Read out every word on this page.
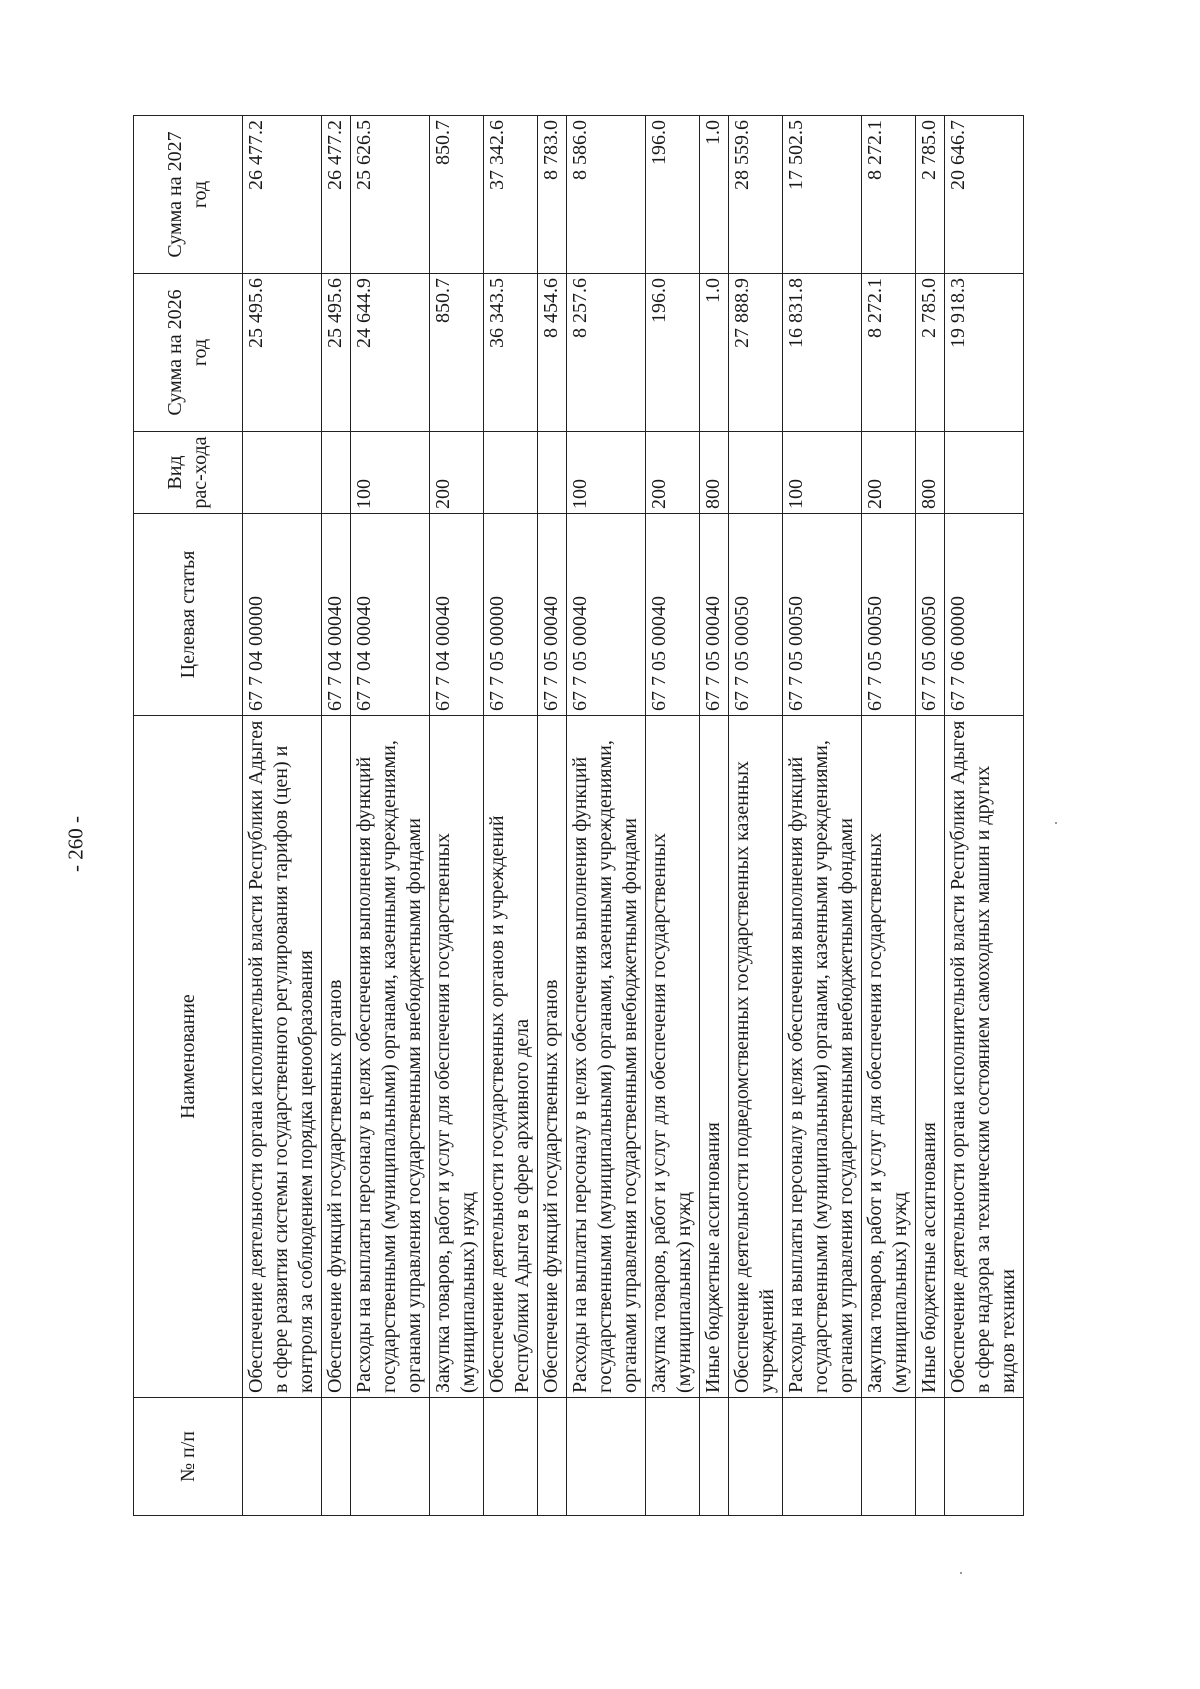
- 260 -
№ п/п	Наименование	Целевая статья	Вид рас-хода	Сумма на 2026 год	Сумма на 2027 год
	Обеспечение деятельности органа исполнительной власти Республики Адыгея в сфере развития системы государственного регулирования тарифов (цен) и контроля за соблюдением порядка ценообразования	67 7 04 00000		25 495.6	26 477.2
	Обеспечение функций государственных органов	67 7 04 00040		25 495.6	26 477.2
	Расходы на выплаты персоналу в целях обеспечения выполнения функций государственными (муниципальными) органами, казенными учреждениями, органами управления государственными внебюджетными фондами	67 7 04 00040	100	24 644.9	25 626.5
	Закупка товаров, работ и услуг для обеспечения государственных (муниципальных) нужд	67 7 04 00040	200	850.7	850.7
	Обеспечение деятельности государственных органов и учреждений Республики Адыгея в сфере архивного дела	67 7 05 00000		36 343.5	37 342.6
	Обеспечение функций государственных органов	67 7 05 00040		8 454.6	8 783.0
	Расходы на выплаты персоналу в целях обеспечения выполнения функций государственными (муниципальными) органами, казенными учреждениями, органами управления государственными внебюджетными фондами	67 7 05 00040	100	8 257.6	8 586.0
	Закупка товаров, работ и услуг для обеспечения государственных (муниципальных) нужд	67 7 05 00040	200	196.0	196.0
	Иные бюджетные ассигнования	67 7 05 00040	800	1.0	1.0
	Обеспечение деятельности подведомственных государственных казенных учреждений	67 7 05 00050		27 888.9	28 559.6
	Расходы на выплаты персоналу в целях обеспечения выполнения функций государственными (муниципальными) органами, казенными учреждениями, органами управления государственными внебюджетными фондами	67 7 05 00050	100	16 831.8	17 502.5
	Закупка товаров, работ и услуг для обеспечения государственных (муниципальных) нужд	67 7 05 00050	200	8 272.1	8 272.1
	Иные бюджетные ассигнования	67 7 05 00050	800	2 785.0	2 785.0
	Обеспечение деятельности органа исполнительной власти Республики Адыгея в сфере надзора за техническим состоянием самоходных машин и других видов техники	67 7 06 00000		19 918.3	20 646.7
